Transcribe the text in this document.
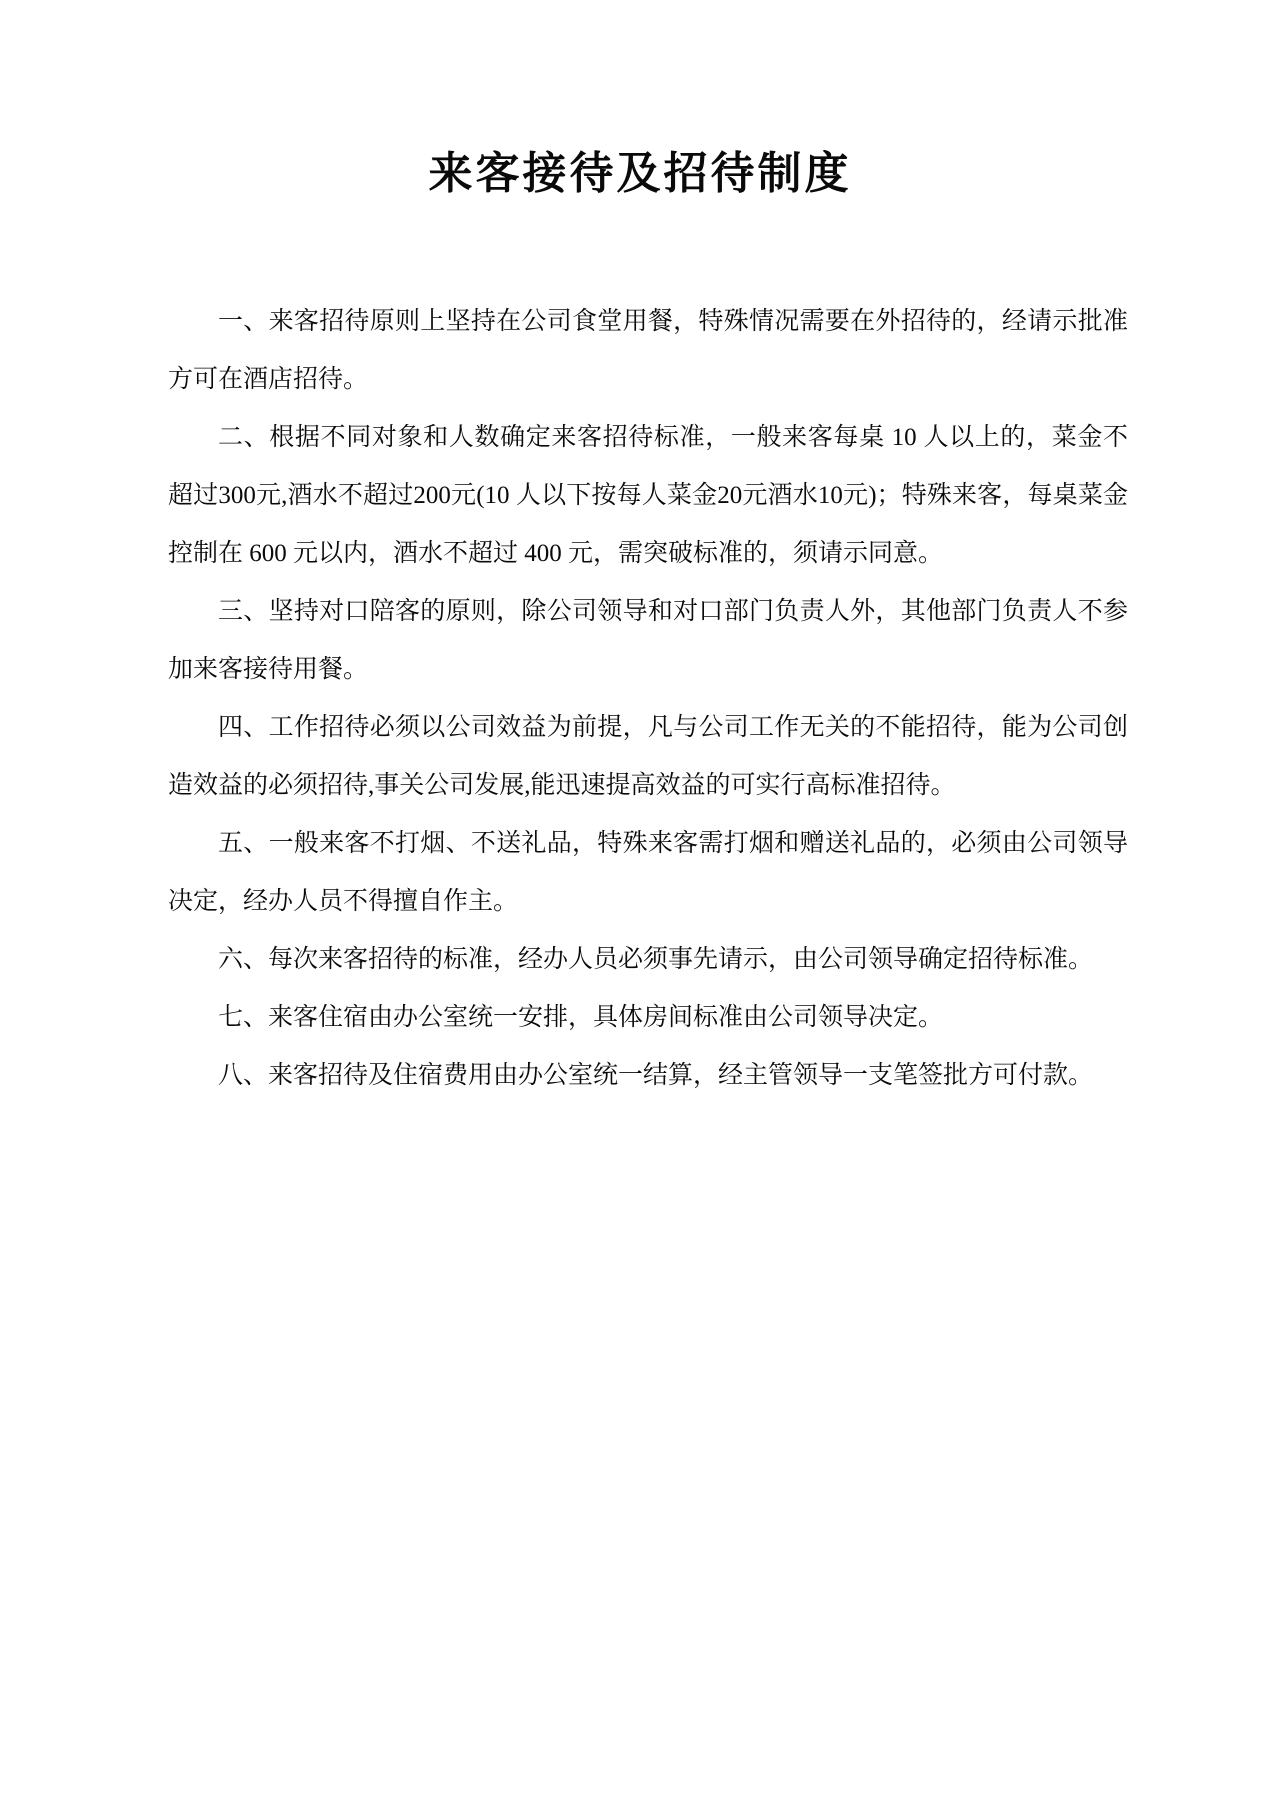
来客接待及招待制度

一、来客招待原则上坚持在公司食堂用餐，特殊情况需要在外招待的，经请示批准方可在酒店招待。

二、根据不同对象和人数确定来客招待标准，一般来客每桌 10 人以上的，菜金不超过300元,酒水不超过200元(10 人以下按每人菜金20元酒水10元)；特殊来客，每桌菜金控制在 600 元以内，酒水不超过 400 元，需突破标准的，须请示同意。

三、坚持对口陪客的原则，除公司领导和对口部门负责人外，其他部门负责人不参加来客接待用餐。

四、工作招待必须以公司效益为前提，凡与公司工作无关的不能招待，能为公司创造效益的必须招待,事关公司发展,能迅速提高效益的可实行高标准招待。

五、一般来客不打烟、不送礼品，特殊来客需打烟和赠送礼品的，必须由公司领导决定，经办人员不得擅自作主。

六、每次来客招待的标准，经办人员必须事先请示，由公司领导确定招待标准。

七、来客住宿由办公室统一安排，具体房间标准由公司领导决定。

八、来客招待及住宿费用由办公室统一结算，经主管领导一支笔签批方可付款。
